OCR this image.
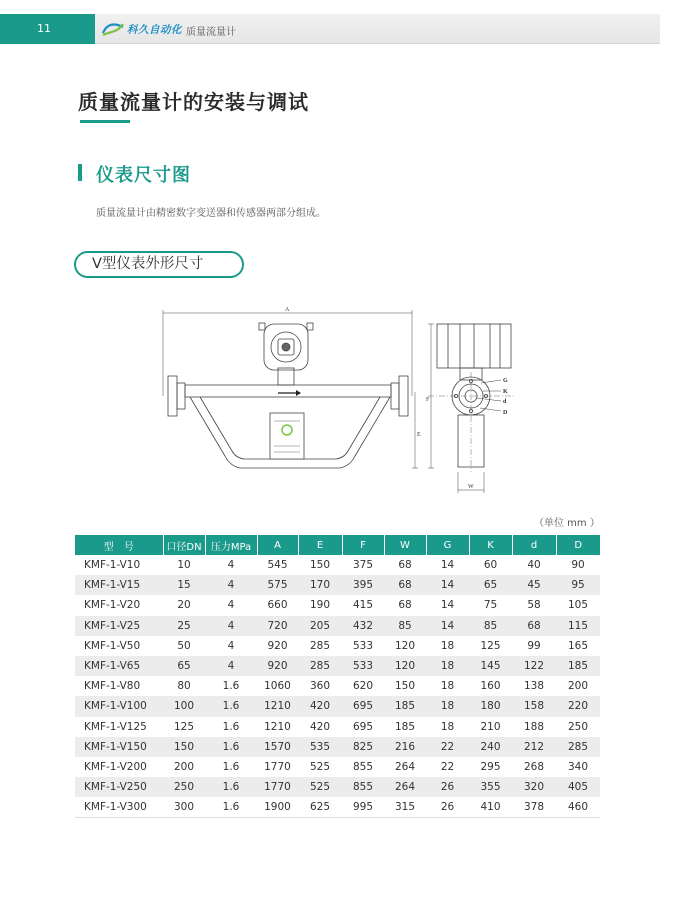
11	科久自动化 质量流量计
质量流量计的安装与调试
仪表尺寸图
质量流量计由精密数字变送器和传感器两部分组成。
V型仪表外形尺寸
A
E
F
W
G
K
d
D
（单位 mm ）
型　号	口径DN	压力MPa	A	E	F	W	G	K	d	D
KMF-1-V10	10	4	545	150	375	68	14	60	40	90
KMF-1-V15	15	4	575	170	395	68	14	65	45	95
KMF-1-V20	20	4	660	190	415	68	14	75	58	105
KMF-1-V25	25	4	720	205	432	85	14	85	68	115
KMF-1-V50	50	4	920	285	533	120	18	125	99	165
KMF-1-V65	65	4	920	285	533	120	18	145	122	185
KMF-1-V80	80	1.6	1060	360	620	150	18	160	138	200
KMF-1-V100	100	1.6	1210	420	695	185	18	180	158	220
KMF-1-V125	125	1.6	1210	420	695	185	18	210	188	250
KMF-1-V150	150	1.6	1570	535	825	216	22	240	212	285
KMF-1-V200	200	1.6	1770	525	855	264	22	295	268	340
KMF-1-V250	250	1.6	1770	525	855	264	26	355	320	405
KMF-1-V300	300	1.6	1900	625	995	315	26	410	378	460
